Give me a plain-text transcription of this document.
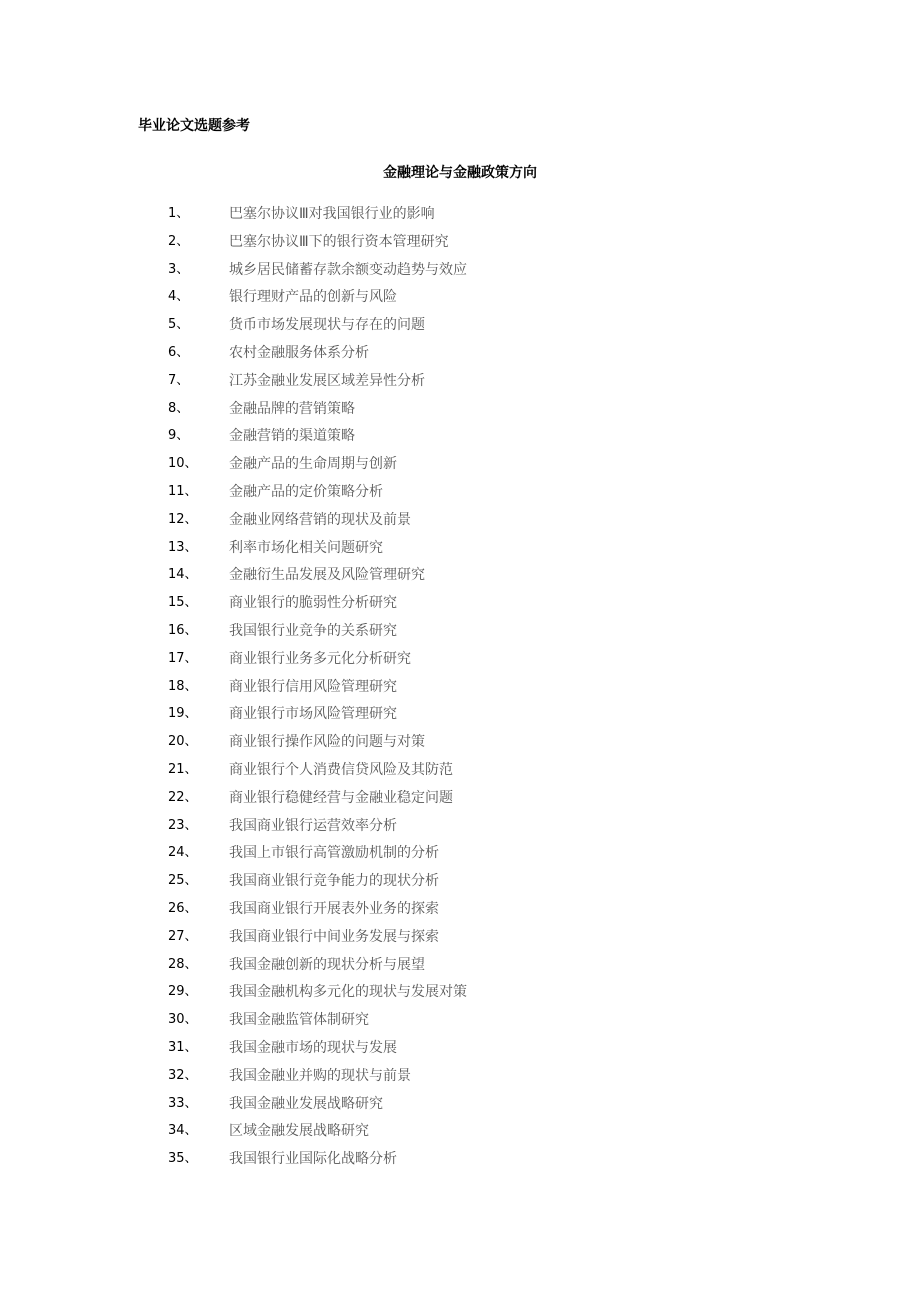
毕业论文选题参考
金融理论与金融政策方向
1、	巴塞尔协议Ⅲ对我国银行业的影响
2、	巴塞尔协议Ⅲ下的银行资本管理研究
3、	城乡居民储蓄存款余额变动趋势与效应
4、	银行理财产品的创新与风险
5、	货币市场发展现状与存在的问题
6、	农村金融服务体系分析
7、	江苏金融业发展区域差异性分析
8、	金融品牌的营销策略
9、	金融营销的渠道策略
10、 金融产品的生命周期与创新
11、 金融产品的定价策略分析
12、 金融业网络营销的现状及前景
13、 利率市场化相关问题研究
14、 金融衍生品发展及风险管理研究
15、 商业银行的脆弱性分析研究
16、 我国银行业竞争的关系研究
17、 商业银行业务多元化分析研究
18、 商业银行信用风险管理研究
19、 商业银行市场风险管理研究
20、 商业银行操作风险的问题与对策
21、 商业银行个人消费信贷风险及其防范
22、 商业银行稳健经营与金融业稳定问题
23、 我国商业银行运营效率分析
24、 我国上市银行高管激励机制的分析
25、 我国商业银行竞争能力的现状分析
26、 我国商业银行开展表外业务的探索
27、 我国商业银行中间业务发展与探索
28、 我国金融创新的现状分析与展望
29、 我国金融机构多元化的现状与发展对策
30、 我国金融监管体制研究
31、 我国金融市场的现状与发展
32、 我国金融业并购的现状与前景
33、 我国金融业发展战略研究
34、 区域金融发展战略研究
35、 我国银行业国际化战略分析
